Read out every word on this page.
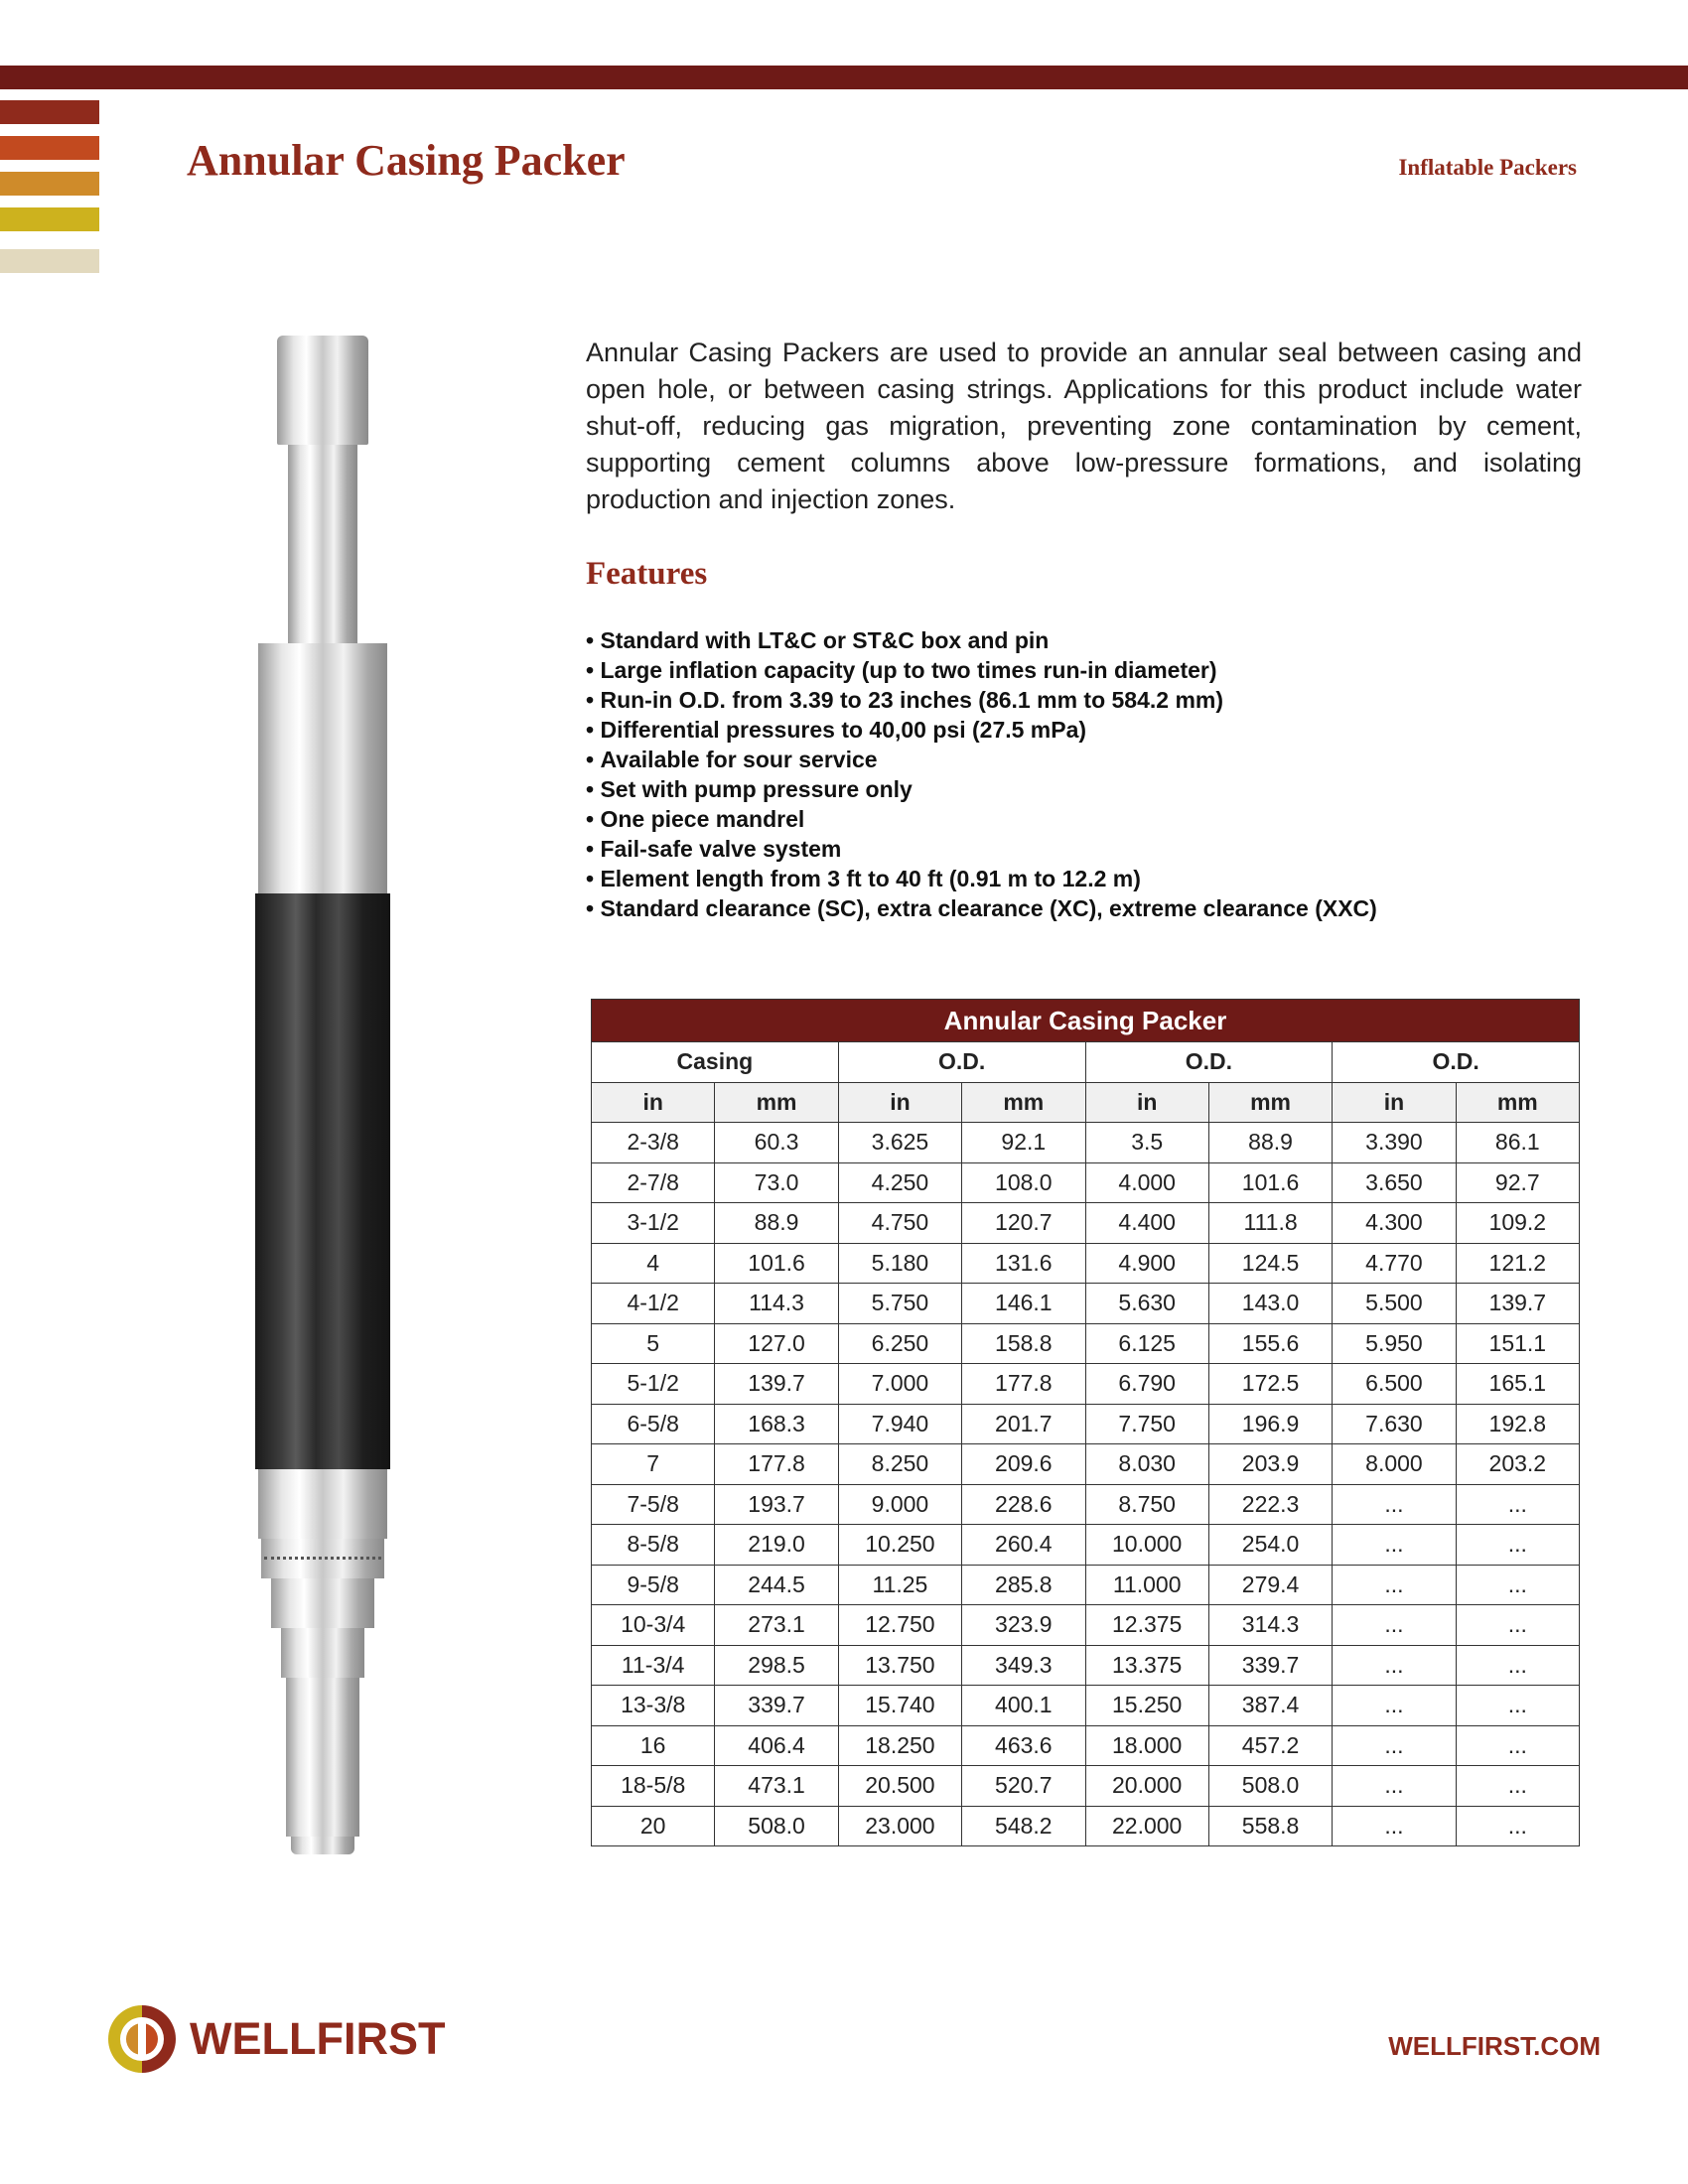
Annular Casing Packer	Inflatable Packers

Annular Casing Packers are used to provide an annular seal between casing and open hole, or between casing strings. Applications for this product include water shut-off, reducing gas migration, preventing zone contamination by cement, supporting cement columns above low-pressure formations, and isolating production and injection zones.

Features
• Standard with LT&C or ST&C box and pin
• Large inflation capacity (up to two times run-in diameter)
• Run-in O.D. from 3.39 to 23 inches (86.1 mm to 584.2 mm)
• Differential pressures to 40,00 psi (27.5 mPa)
• Available for sour service
• Set with pump pressure only
• One piece mandrel
• Fail-safe valve system
• Element length from 3 ft to 40 ft (0.91 m to 12.2 m)
• Standard clearance (SC), extra clearance (XC), extreme clearance (XXC)
Annular Casing Packer							
Casing		O.D.		O.D.		O.D.	
in	mm	in	mm	in	mm	in	mm
2-3/8	60.3	3.625	92.1	3.5	88.9	3.390	86.1
2-7/8	73.0	4.250	108.0	4.000	101.6	3.650	92.7
3-1/2	88.9	4.750	120.7	4.400	111.8	4.300	109.2
4	101.6	5.180	131.6	4.900	124.5	4.770	121.2
4-1/2	114.3	5.750	146.1	5.630	143.0	5.500	139.7
5	127.0	6.250	158.8	6.125	155.6	5.950	151.1
5-1/2	139.7	7.000	177.8	6.790	172.5	6.500	165.1
6-5/8	168.3	7.940	201.7	7.750	196.9	7.630	192.8
7	177.8	8.250	209.6	8.030	203.9	8.000	203.2
7-5/8	193.7	9.000	228.6	8.750	222.3	...	...
8-5/8	219.0	10.250	260.4	10.000	254.0	...	...
9-5/8	244.5	11.25	285.8	11.000	279.4	...	...
10-3/4	273.1	12.750	323.9	12.375	314.3	...	...
11-3/4	298.5	13.750	349.3	13.375	339.7	...	...
13-3/8	339.7	15.740	400.1	15.250	387.4	...	...
16	406.4	18.250	463.6	18.000	457.2	...	...
18-5/8	473.1	20.500	520.7	20.000	508.0	...	...
20	508.0	23.000	548.2	22.000	558.8	...	...
WELLFIRST	WELLFIRST.COM
